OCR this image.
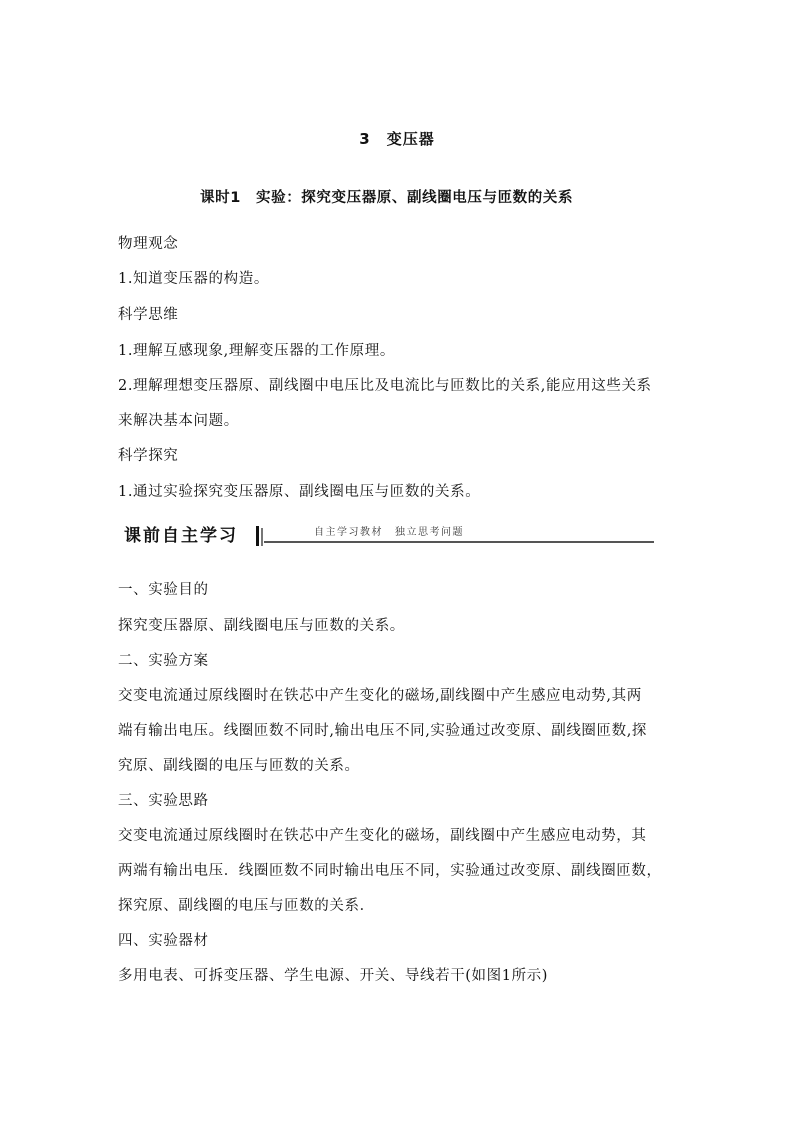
3　变压器
课时1　实验：探究变压器原、副线圈电压与匝数的关系
物理观念
1.知道变压器的构造。
科学思维
1.理解互感现象,理解变压器的工作原理。
2.理解理想变压器原、副线圈中电压比及电流比与匝数比的关系,能应用这些关系
来解决基本问题。
科学探究
1.通过实验探究变压器原、副线圈电压与匝数的关系。
课前自主学习	自主学习教材 独立思考问题
一、实验目的
探究变压器原、副线圈电压与匝数的关系。
二、实验方案
交变电流通过原线圈时在铁芯中产生变化的磁场,副线圈中产生感应电动势,其两
端有输出电压。线圈匝数不同时,输出电压不同,实验通过改变原、副线圈匝数,探
究原、副线圈的电压与匝数的关系。
三、实验思路
交变电流通过原线圈时在铁芯中产生变化的磁场，副线圈中产生感应电动势，其
两端有输出电压．线圈匝数不同时输出电压不同，实验通过改变原、副线圈匝数，
探究原、副线圈的电压与匝数的关系．
四、实验器材
多用电表、可拆变压器、学生电源、开关、导线若干(如图1所示)
